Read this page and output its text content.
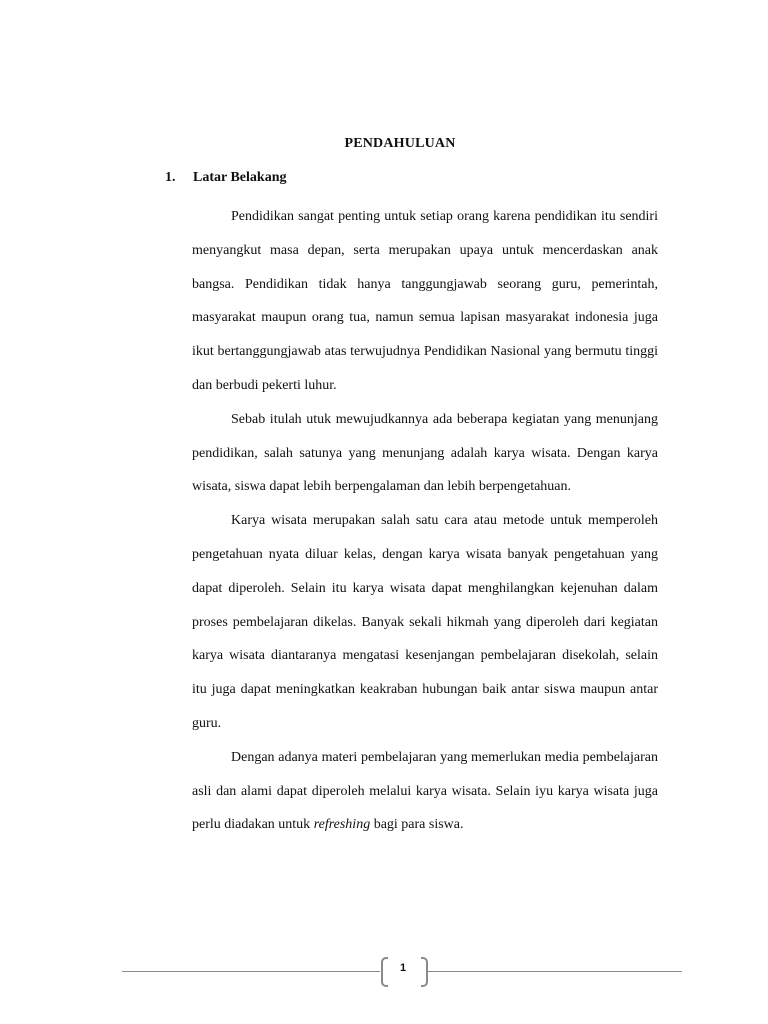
PENDAHULUAN
1. Latar Belakang

Pendidikan sangat penting untuk setiap orang karena pendidikan itu sendiri menyangkut masa depan, serta merupakan upaya untuk mencerdaskan anak bangsa. Pendidikan tidak hanya tanggungjawab seorang guru, pemerintah, masyarakat maupun orang tua, namun semua lapisan masyarakat indonesia juga ikut bertanggungjawab atas terwujudnya Pendidikan Nasional yang bermutu tinggi dan berbudi pekerti luhur.

Sebab itulah utuk mewujudkannya ada beberapa kegiatan yang menunjang pendidikan, salah satunya yang menunjang adalah karya wisata. Dengan karya wisata, siswa dapat lebih berpengalaman dan lebih berpengetahuan.

Karya wisata merupakan salah satu cara atau metode untuk memperoleh pengetahuan nyata diluar kelas, dengan karya wisata banyak pengetahuan yang dapat diperoleh. Selain itu karya wisata dapat menghilangkan kejenuhan dalam proses pembelajaran dikelas. Banyak sekali hikmah yang diperoleh dari kegiatan karya wisata diantaranya mengatasi kesenjangan pembelajaran disekolah, selain itu juga dapat meningkatkan keakraban hubungan baik antar siswa maupun antar guru.

Dengan adanya materi pembelajaran yang memerlukan media pembelajaran asli dan alami dapat diperoleh melalui karya wisata. Selain iyu karya wisata juga perlu diadakan untuk refreshing bagi para siswa.

1
